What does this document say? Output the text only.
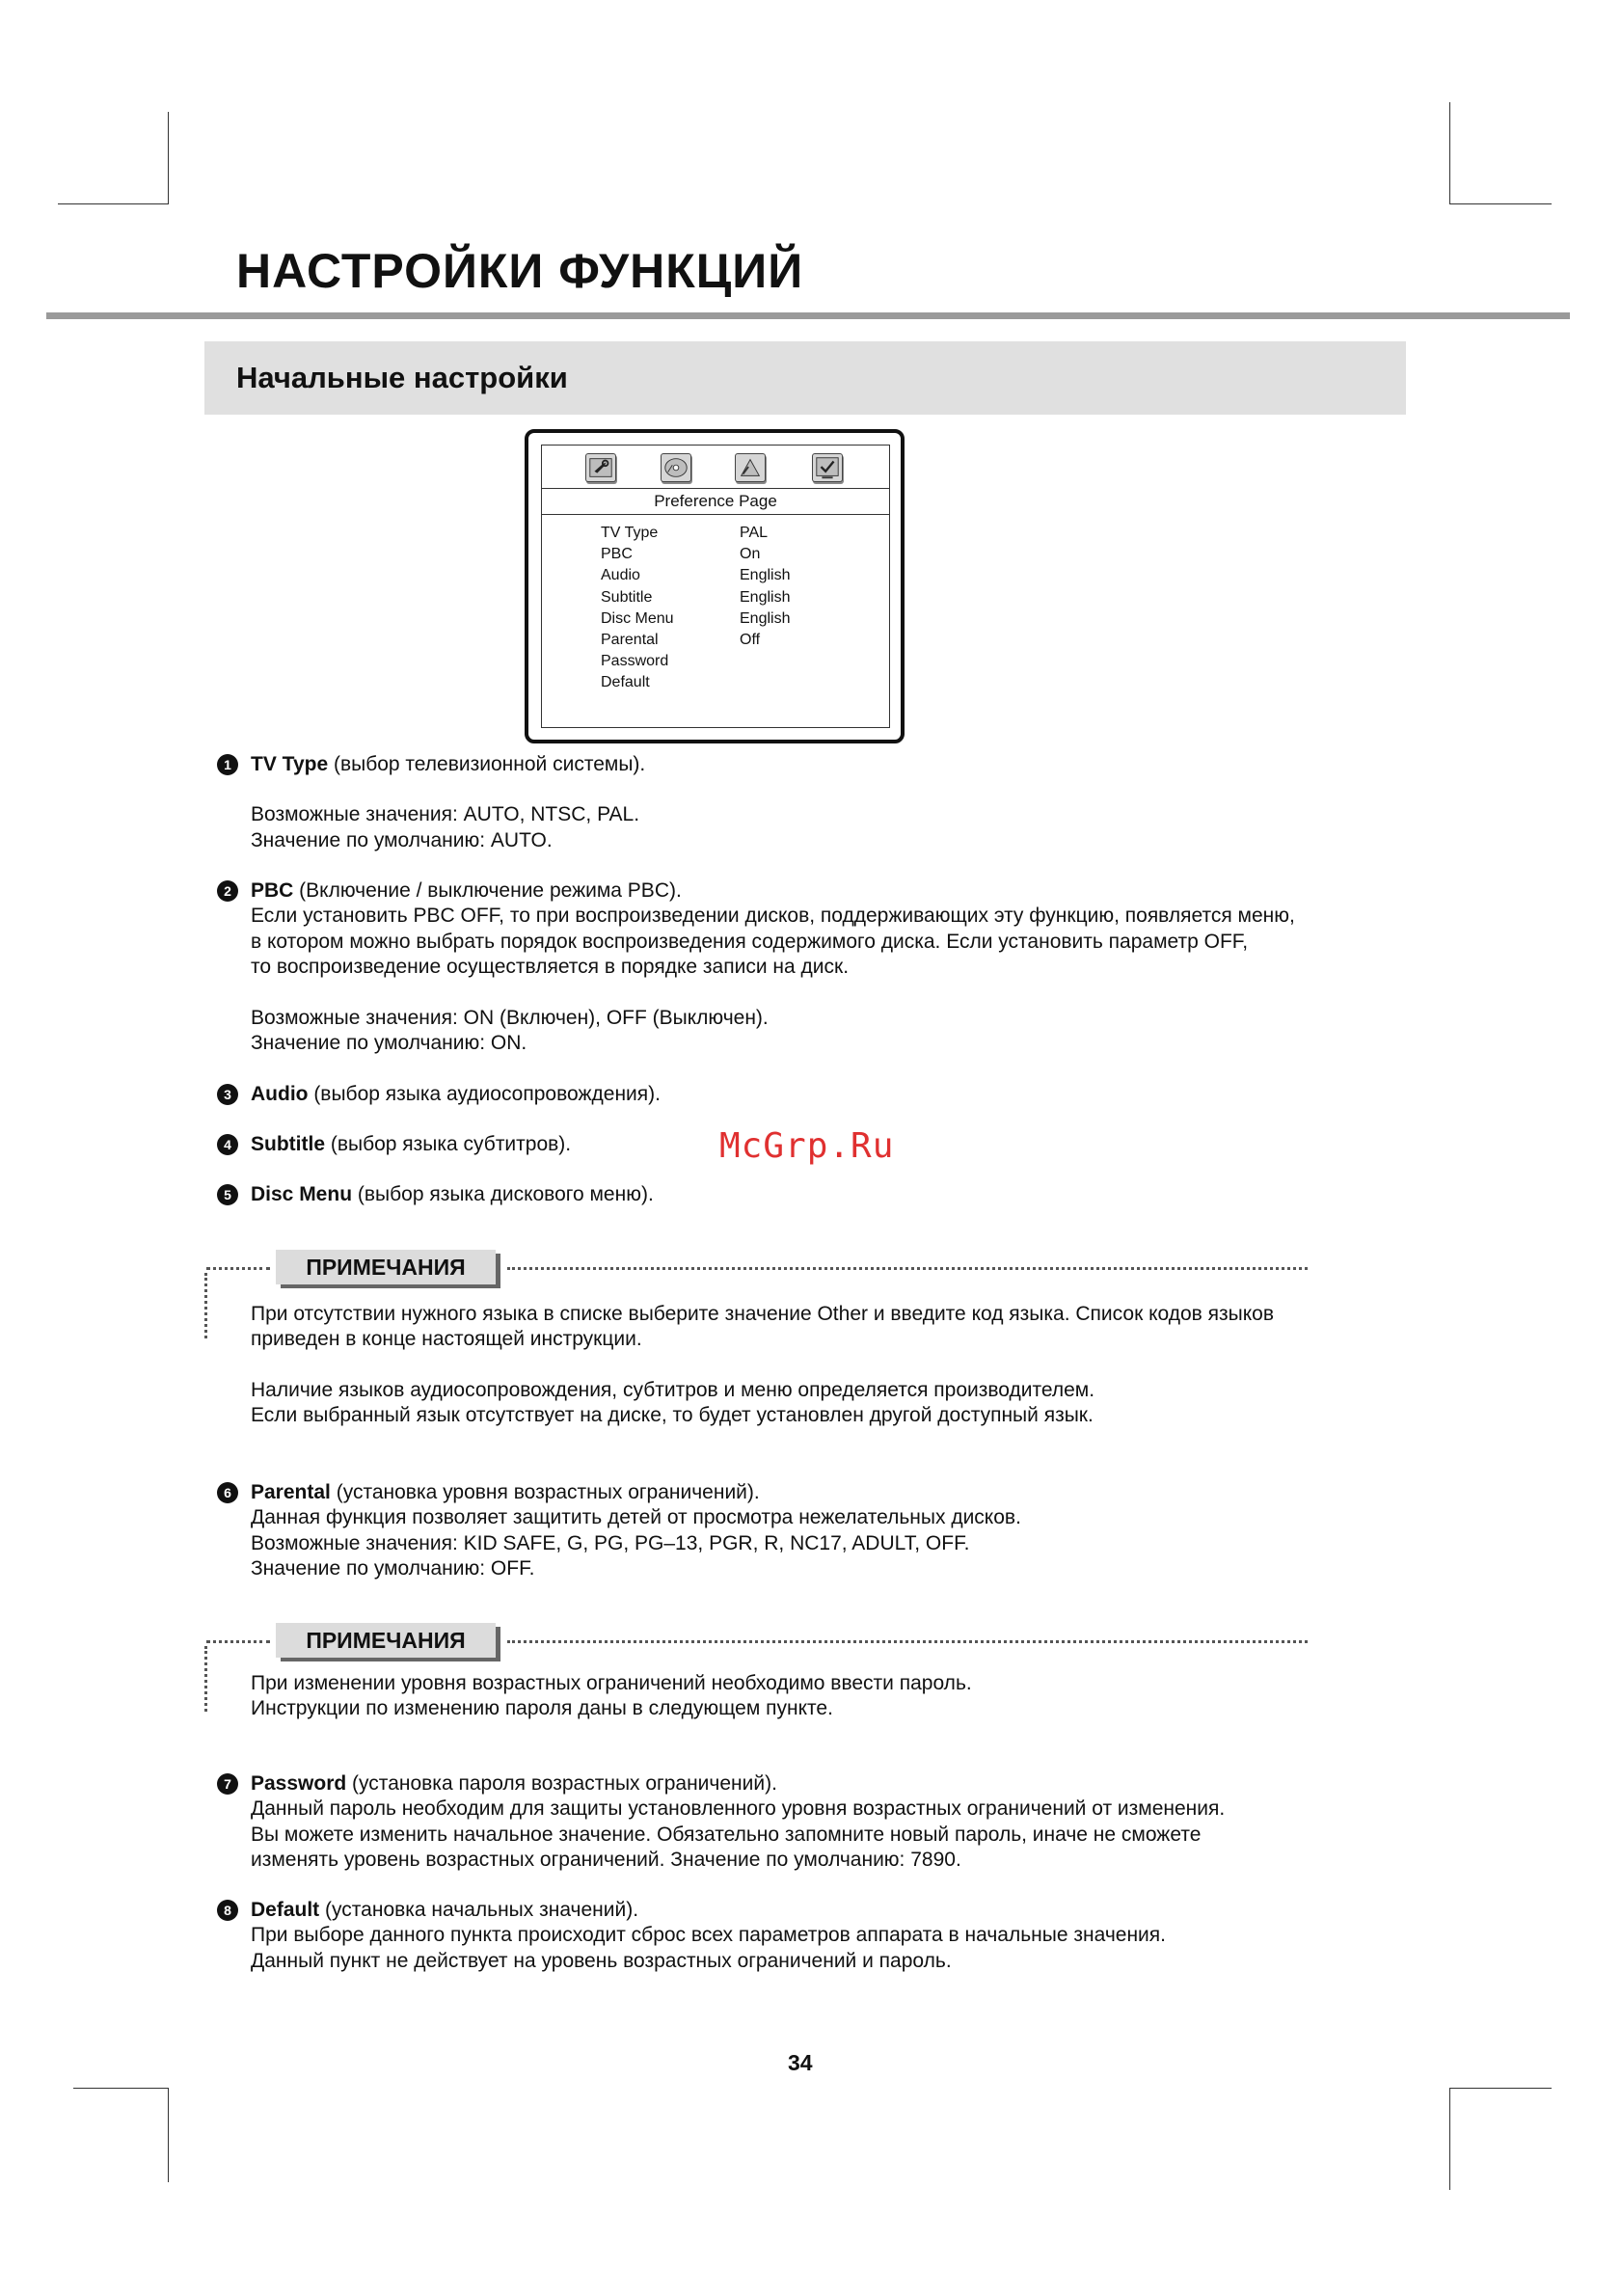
НАСТРОЙКИ ФУНКЦИЙ
Начальные настройки
Preference Page
TV Type	PAL
PBC	On
Audio	English
Subtitle	English
Disc Menu	English
Parental	Off
Password
Default

1 TV Type (выбор телевизионной системы).

Возможные значения: AUTO, NTSC, PAL.

Значение по умолчанию: AUTO.

2 PBC (Включение / выключение режима PBC).

Если установить PBC OFF, то при воспроизведении дисков, поддерживающих эту функцию, появляется меню,

в котором можно выбрать порядок воспроизведения содержимого диска. Если установить параметр OFF,

то воспроизведение осуществляется в порядке записи на диск.

Возможные значения: ON (Включен), OFF (Выключен).

Значение по умолчанию: ON.

3 Audio (выбор языка аудиосопровождения).

4 Subtitle (выбор языка субтитров).	McGrp.Ru

5 Disc Menu (выбор языка дискового меню).

ПРИМЕЧАНИЯ

При отсутствии нужного языка в списке выберите значение Other и введите код языка. Список кодов языков

приведен в конце настоящей инструкции.

Наличие языков аудиосопровождения, субтитров и меню определяется производителем.

Если выбранный язык отсутствует на диске, то будет установлен другой доступный язык.

6 Parental (установка уровня возрастных ограничений).

Данная функция позволяет защитить детей от просмотра нежелательных дисков.

Возможные значения: KID SAFE, G, PG, PG–13, PGR, R, NC17, ADULT, OFF.

Значение по умолчанию: OFF.

ПРИМЕЧАНИЯ

При изменении уровня возрастных ограничений необходимо ввести пароль.

Инструкции по изменению пароля даны в следующем пункте.

7 Password (установка пароля возрастных ограничений).

Данный пароль необходим для защиты установленного уровня возрастных ограничений от изменения.

Вы можете изменить начальное значение. Обязательно запомните новый пароль, иначе не сможете

изменять уровень возрастных ограничений. Значение по умолчанию: 7890.

8 Default (установка начальных значений).

При выборе данного пункта происходит сброс всех параметров аппарата в начальные значения.

Данный пункт не действует на уровень возрастных ограничений и пароль.

34
